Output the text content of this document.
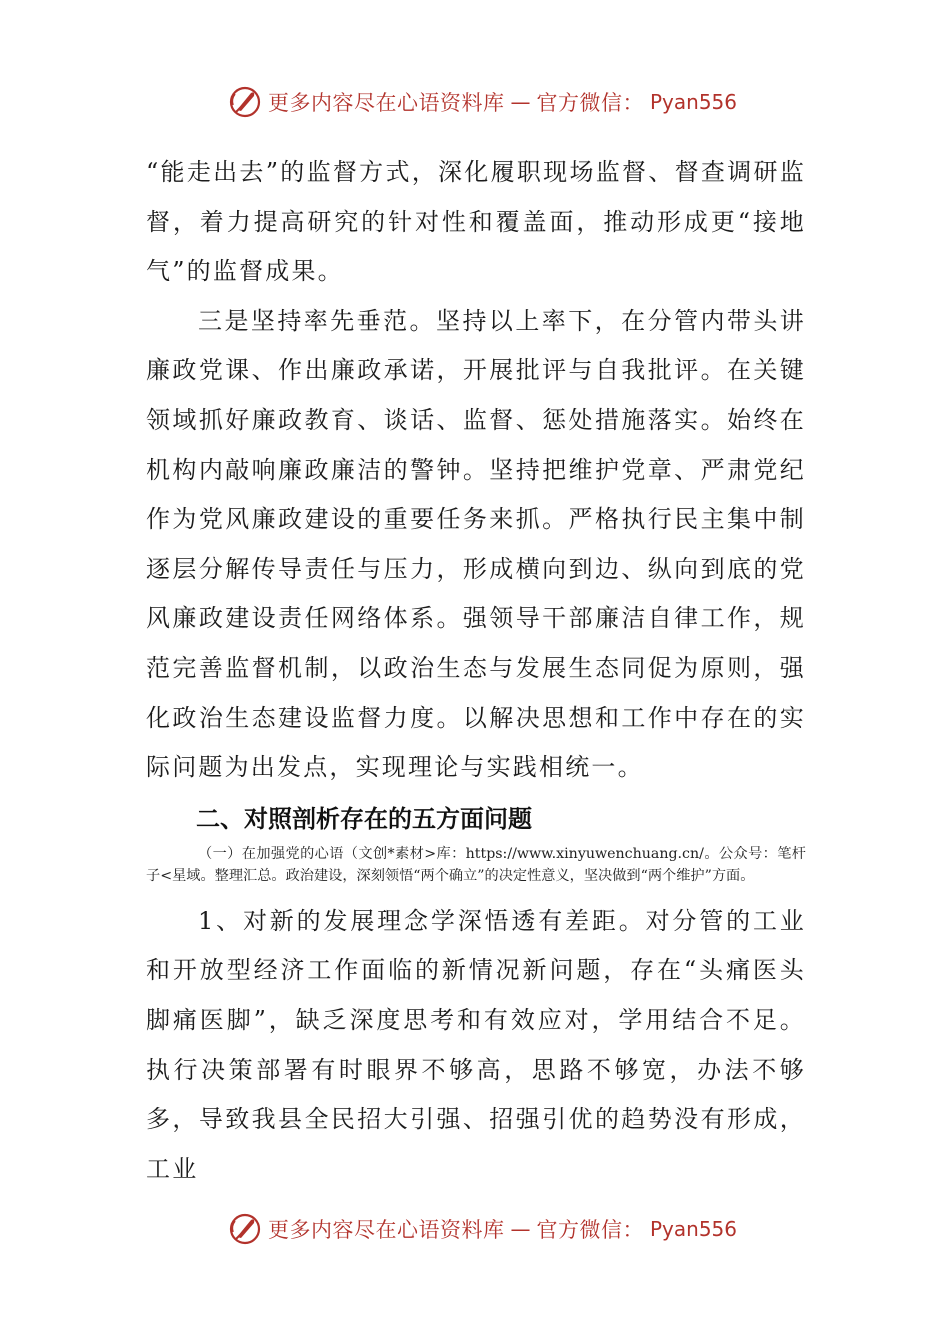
更多内容尽在心语资料库 — 官方微信： Pyan556

“能走出去”的监督方式，深化履职现场监督、督查调研监督，着力提高研究的针对性和覆盖面，推动形成更“接地气”的监督成果。

三是坚持率先垂范。坚持以上率下，在分管内带头讲廉政党课、作出廉政承诺，开展批评与自我批评。在关键领域抓好廉政教育、谈话、监督、惩处措施落实。始终在机构内敲响廉政廉洁的警钟。坚持把维护党章、严肃党纪作为党风廉政建设的重要任务来抓。严格执行民主集中制逐层分解传导责任与压力，形成横向到边、纵向到底的党风廉政建设责任网络体系。强领导干部廉洁自律工作，规范完善监督机制，以政治生态与发展生态同促为原则，强化政治生态建设监督力度。以解决思想和工作中存在的实际问题为出发点，实现理论与实践相统一。

二、对照剖析存在的五方面问题

（一）在加强党的心语（文创*素材>库：https://www.xinyuwenchuang.cn/。公众号：笔杆子<星域。整理汇总。政治建设，深刻领悟“两个确立”的决定性意义，坚决做到“两个维护”方面。

1、对新的发展理念学深悟透有差距。对分管的工业和开放型经济工作面临的新情况新问题，存在“头痛医头脚痛医脚”，缺乏深度思考和有效应对，学用结合不足。执行决策部署有时眼界不够高，思路不够宽，办法不够多，导致我县全民招大引强、招强引优的趋势没有形成，工业

更多内容尽在心语资料库 — 官方微信： Pyan556
